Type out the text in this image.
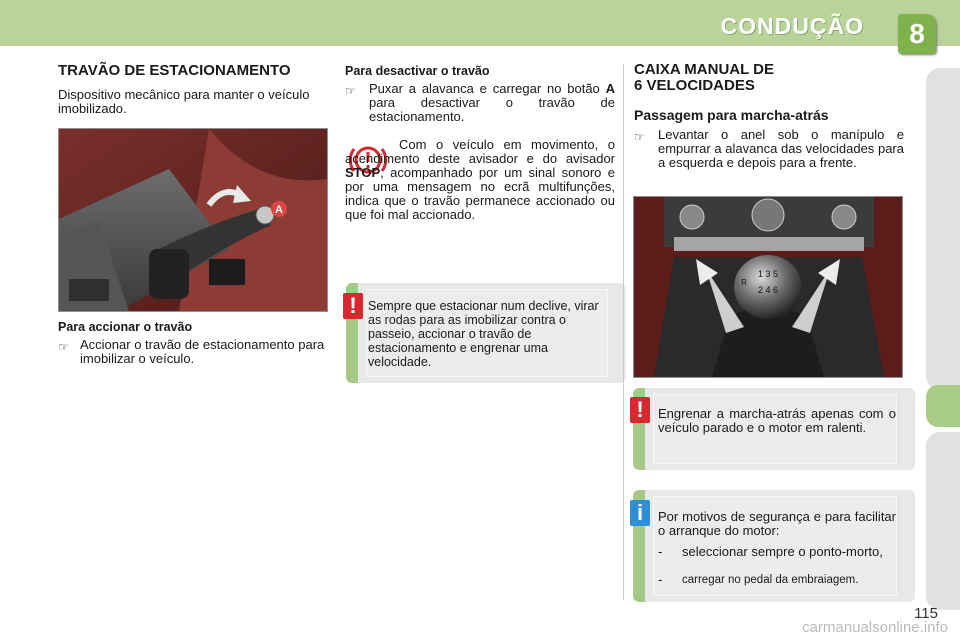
CONDUÇÃO	8
TRAVÃO DE ESTACIONAMENTO
Dispositivo mecânico para manter o veículo imobilizado.
A
Para accionar o travão
☞ Accionar o travão de estacionamento para imobilizar o veículo.
Para desactivar o travão
☞ Puxar a alavanca e carregar no botão A para desactivar o travão de estacionamento.
Com o veículo em movimento, o acendimento deste avisador e do avisador STOP, acompanhado por um sinal sonoro e por uma mensagem no ecrã multifunções, indica que o travão permanece accionado ou que foi mal accionado.
! Sempre que estacionar num declive, virar as rodas para as imobilizar contra o passeio, accionar o travão de estacionamento e engrenar uma velocidade.
CAIXA MANUAL DE
6 VELOCIDADES
Passagem para marcha-atrás
☞ Levantar o anel sob o manípulo e empurrar a alavanca das velocidades para a esquerda e depois para a frente.
1 3 5
2 4 6
R
!	Engrenar a marcha-atrás apenas com o veículo parado e o motor em ralenti.
i	Por motivos de segurança e para facilitar o arranque do motor:
-	seleccionar sempre o ponto-morto,
-	carregar no pedal da embraiagem.
115
carmanualsonline.info
